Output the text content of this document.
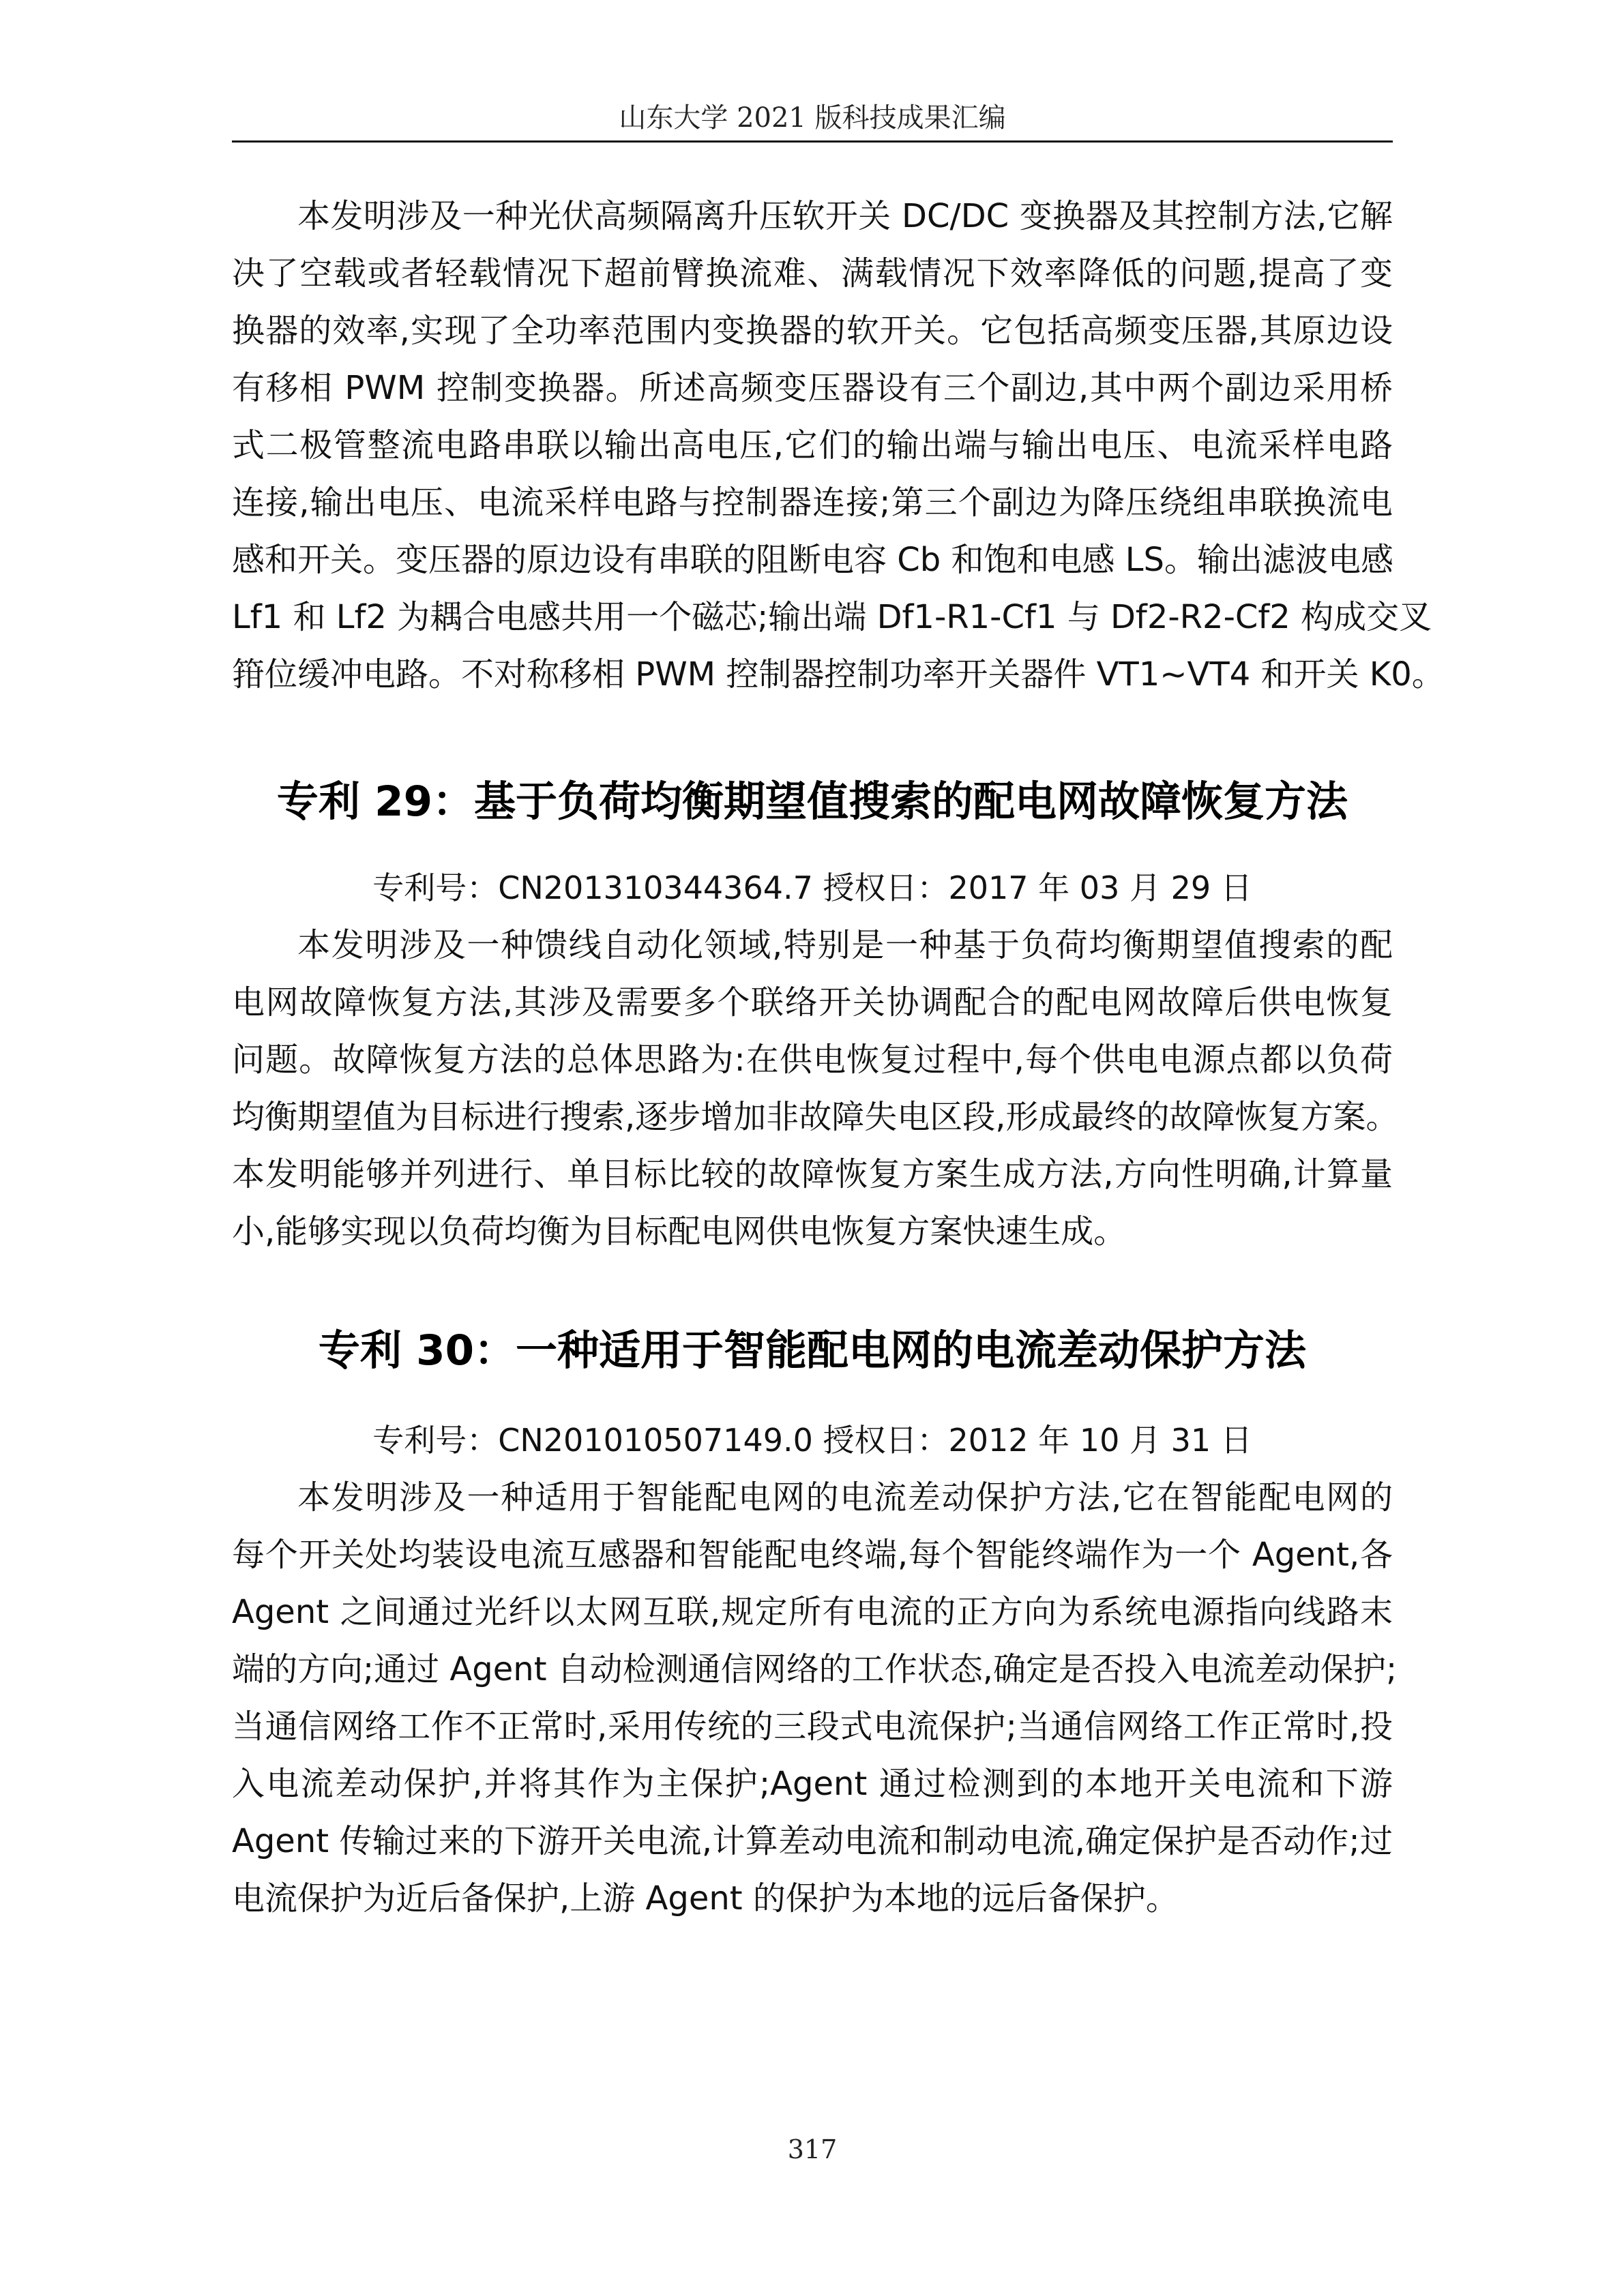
山东大学 2021 版科技成果汇编
本发明涉及一种光伏高频隔离升压软开关 DC/DC 变换器及其控制方法,它解
决了空载或者轻载情况下超前臂换流难、满载情况下效率降低的问题,提高了变
换器的效率,实现了全功率范围内变换器的软开关。它包括高频变压器,其原边设
有移相 PWM 控制变换器。所述高频变压器设有三个副边,其中两个副边采用桥
式二极管整流电路串联以输出高电压,它们的输出端与输出电压、电流采样电路
连接,输出电压、电流采样电路与控制器连接;第三个副边为降压绕组串联换流电
感和开关。变压器的原边设有串联的阻断电容 Cb 和饱和电感 LS。输出滤波电感
Lf1 和 Lf2 为耦合电感共用一个磁芯;输出端 Df1-R1-Cf1 与 Df2-R2-Cf2 构成交叉
箝位缓冲电路。不对称移相 PWM 控制器控制功率开关器件 VT1~VT4 和开关 K0。
专利 29：基于负荷均衡期望值搜索的配电网故障恢复方法
专利号：CN201310344364.7 授权日：2017 年 03 月 29 日
本发明涉及一种馈线自动化领域,特别是一种基于负荷均衡期望值搜索的配
电网故障恢复方法,其涉及需要多个联络开关协调配合的配电网故障后供电恢复
问题。故障恢复方法的总体思路为:在供电恢复过程中,每个供电电源点都以负荷
均衡期望值为目标进行搜索,逐步增加非故障失电区段,形成最终的故障恢复方案。
本发明能够并列进行、单目标比较的故障恢复方案生成方法,方向性明确,计算量
小,能够实现以负荷均衡为目标配电网供电恢复方案快速生成。
专利 30：一种适用于智能配电网的电流差动保护方法
专利号：CN201010507149.0 授权日：2012 年 10 月 31 日
本发明涉及一种适用于智能配电网的电流差动保护方法,它在智能配电网的
每个开关处均装设电流互感器和智能配电终端,每个智能终端作为一个 Agent,各
Agent 之间通过光纤以太网互联,规定所有电流的正方向为系统电源指向线路末
端的方向;通过 Agent 自动检测通信网络的工作状态,确定是否投入电流差动保护;
当通信网络工作不正常时,采用传统的三段式电流保护;当通信网络工作正常时,投
入电流差动保护,并将其作为主保护;Agent 通过检测到的本地开关电流和下游
Agent 传输过来的下游开关电流,计算差动电流和制动电流,确定保护是否动作;过
电流保护为近后备保护,上游 Agent 的保护为本地的远后备保护。
317
